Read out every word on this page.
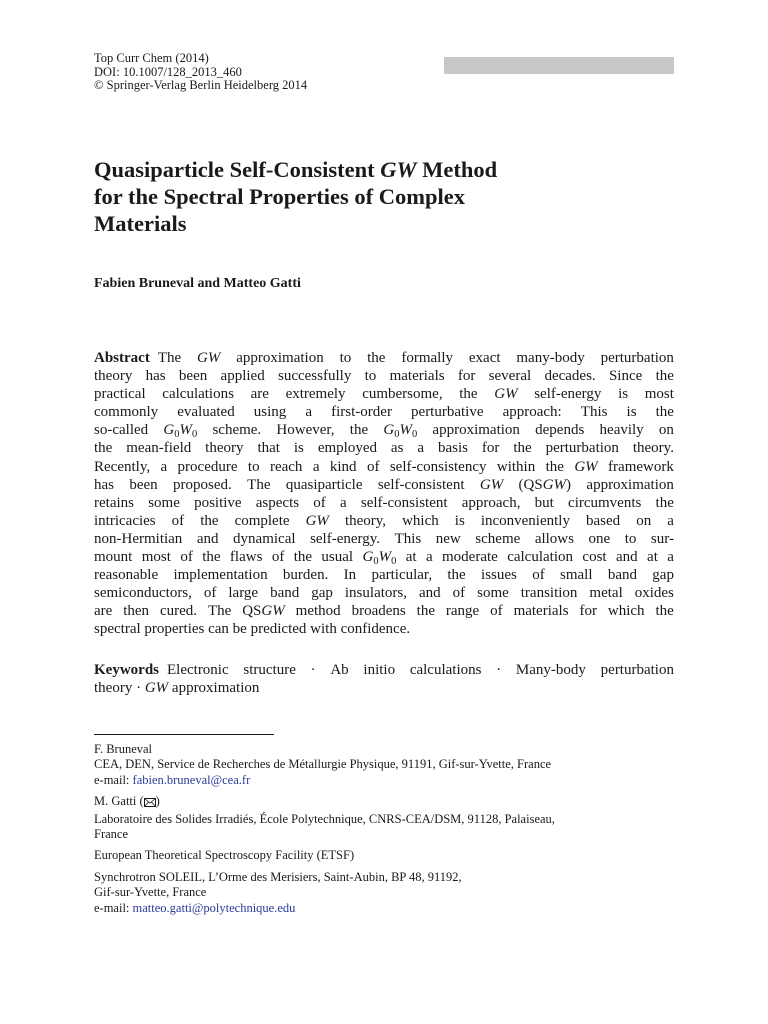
Top Curr Chem (2014)
DOI: 10.1007/128_2013_460
© Springer-Verlag Berlin Heidelberg 2014
Quasiparticle Self-Consistent GW Method
for the Spectral Properties of Complex
Materials
Fabien Bruneval and Matteo Gatti
Abstract The GW approximation to the formally exact many-body perturbation
theory has been applied successfully to materials for several decades. Since the
practical calculations are extremely cumbersome, the GW self-energy is most
commonly evaluated using a first-order perturbative approach: This is the
so-called $G_0W_0$ scheme. However, the $G_0W_0$ approximation depends heavily on
the mean-field theory that is employed as a basis for the perturbation theory.
Recently, a procedure to reach a kind of self-consistency within the GW framework
has been proposed. The quasiparticle self-consistent GW (QSGW) approximation
retains some positive aspects of a self-consistent approach, but circumvents the
intricacies of the complete GW theory, which is inconveniently based on a
non-Hermitian and dynamical self-energy. This new scheme allows one to sur-
mount most of the flaws of the usual $G_0W_0$ at a moderate calculation cost and at a
reasonable implementation burden. In particular, the issues of small band gap
semiconductors, of large band gap insulators, and of some transition metal oxides
are then cured. The QSGW method broadens the range of materials for which the
spectral properties can be predicted with confidence.
Keywords Electronic structure · Ab initio calculations · Many-body perturbation
theory · GW approximation
F. Bruneval
CEA, DEN, Service de Recherches de Métallurgie Physique, 91191, Gif-sur-Yvette, France
e-mail: fabien.bruneval@cea.fr
M. Gatti ( )
Laboratoire des Solides Irradiés, École Polytechnique, CNRS-CEA/DSM, 91128, Palaiseau,
France
European Theoretical Spectroscopy Facility (ETSF)
Synchrotron SOLEIL, L’Orme des Merisiers, Saint-Aubin, BP 48, 91192,
Gif-sur-Yvette, France
e-mail: matteo.gatti@polytechnique.edu
